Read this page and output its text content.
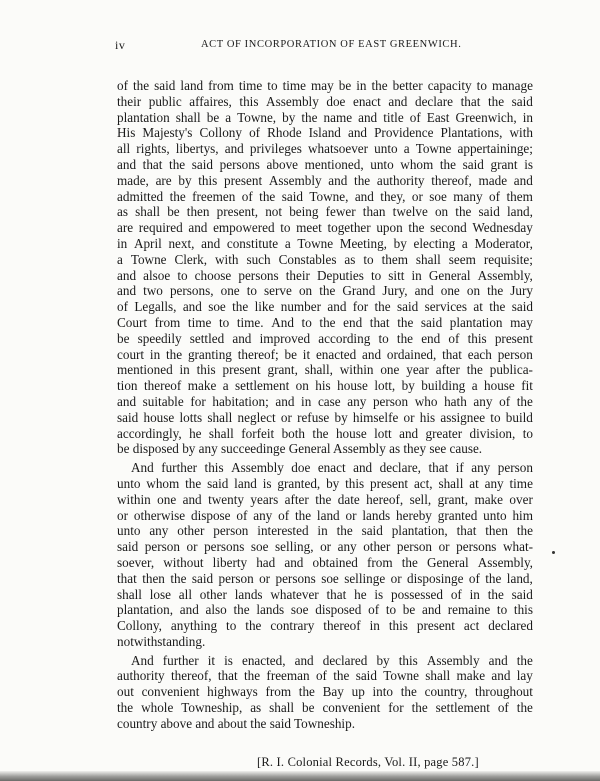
iv	ACT OF INCORPORATION OF EAST GREENWICH.
of the said land from time to time may be in the better capacity to manage
their public affaires, this Assembly doe enact and declare that the said
plantation shall be a Towne, by the name and title of East Greenwich, in
His Majesty's Collony of Rhode Island and Providence Plantations, with
all rights, libertys, and privileges whatsoever unto a Towne appertaininge;
and that the said persons above mentioned, unto whom the said grant is
made, are by this present Assembly and the authority thereof, made and
admitted the freemen of the said Towne, and they, or soe many of them
as shall be then present, not being fewer than twelve on the said land,
are required and empowered to meet together upon the second Wednesday
in April next, and constitute a Towne Meeting, by electing a Moderator,
a Towne Clerk, with such Constables as to them shall seem requisite;
and alsoe to choose persons their Deputies to sitt in General Assembly,
and two persons, one to serve on the Grand Jury, and one on the Jury
of Legalls, and soe the like number and for the said services at the said
Court from time to time. And to the end that the said plantation may
be speedily settled and improved according to the end of this present
court in the granting thereof; be it enacted and ordained, that each person
mentioned in this present grant, shall, within one year after the publica-
tion thereof make a settlement on his house lott, by building a house fit
and suitable for habitation; and in case any person who hath any of the
said house lotts shall neglect or refuse by himselfe or his assignee to build
accordingly, he shall forfeit both the house lott and greater division, to
be disposed by any succeedinge General Assembly as they see cause.
And further this Assembly doe enact and declare, that if any person
unto whom the said land is granted, by this present act, shall at any time
within one and twenty years after the date hereof, sell, grant, make over
or otherwise dispose of any of the land or lands hereby granted unto him
unto any other person interested in the said plantation, that then the
said person or persons soe selling, or any other person or persons what-
soever, without liberty had and obtained from the General Assembly,
that then the said person or persons soe sellinge or disposinge of the land,
shall lose all other lands whatever that he is possessed of in the said
plantation, and also the lands soe disposed of to be and remaine to this
Collony, anything to the contrary thereof in this present act declared
notwithstanding.
And further it is enacted, and declared by this Assembly and the
authority thereof, that the freeman of the said Towne shall make and lay
out convenient highways from the Bay up into the country, throughout
the whole Towneship, as shall be convenient for the settlement of the
country above and about the said Towneship.
[R. I. Colonial Records, Vol. II, page 587.]
